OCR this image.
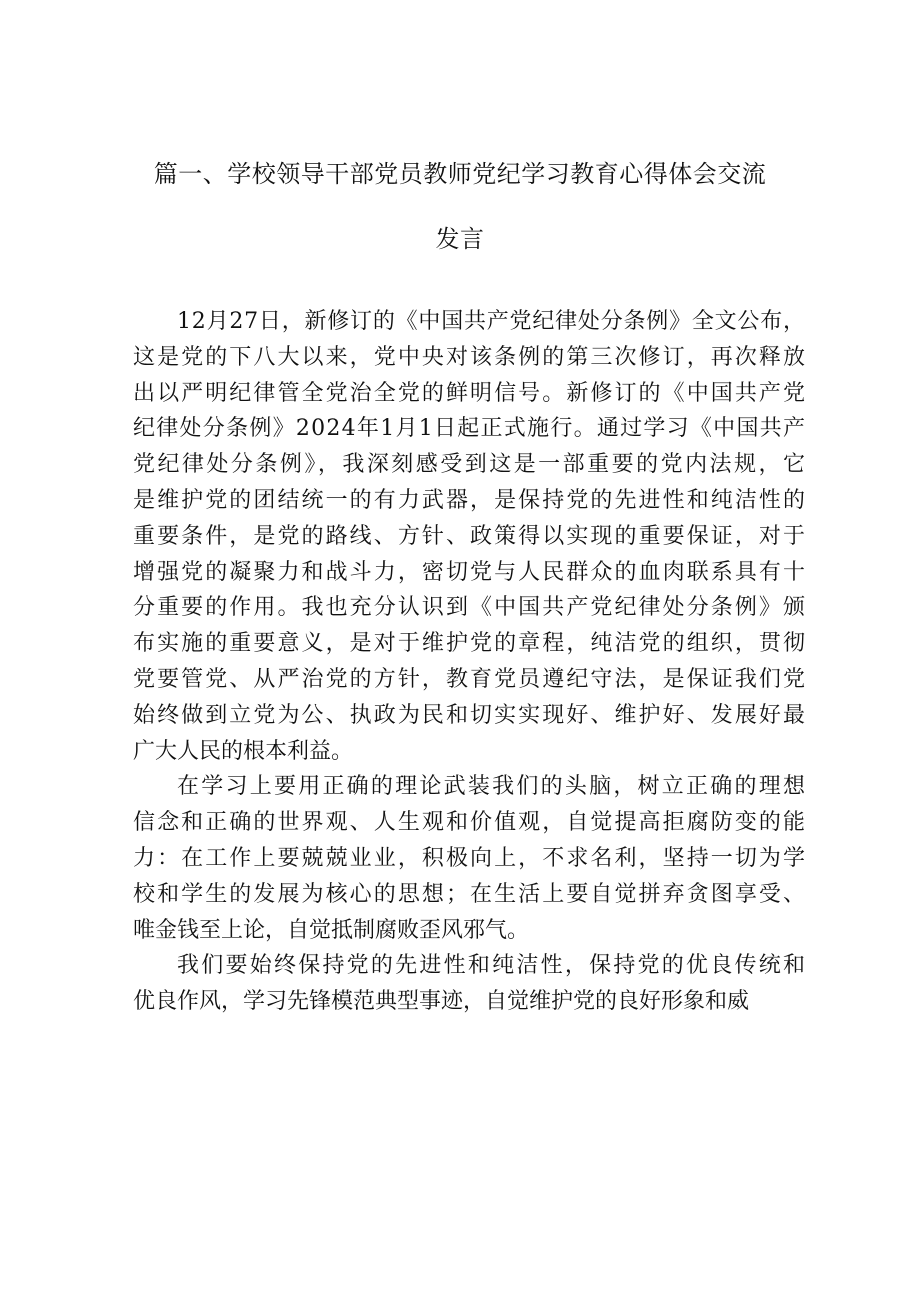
篇一、学校领导干部党员教师党纪学习教育心得体会交流
发言
12月27日，新修订的《中国共产党纪律处分条例》全文公布，
这是党的下八大以来，党中央对该条例的第三次修订，再次释放
出以严明纪律管全党治全党的鲜明信号。新修订的《中国共产党
纪律处分条例》2024年1月1日起正式施行。通过学习《中国共产
党纪律处分条例》，我深刻感受到这是一部重要的党内法规，它
是维护党的团结统一的有力武器，是保持党的先进性和纯洁性的
重要条件，是党的路线、方针、政策得以实现的重要保证，对于
增强党的凝聚力和战斗力，密切党与人民群众的血肉联系具有十
分重要的作用。我也充分认识到《中国共产党纪律处分条例》颁
布实施的重要意义，是对于维护党的章程，纯洁党的组织，贯彻
党要管党、从严治党的方针，教育党员遵纪守法，是保证我们党
始终做到立党为公、执政为民和切实实现好、维护好、发展好最
广大人民的根本利益。
在学习上要用正确的理论武装我们的头脑，树立正确的理想
信念和正确的世界观、人生观和价值观，自觉提高拒腐防变的能
力：在工作上要兢兢业业，积极向上，不求名利，坚持一切为学
校和学生的发展为核心的思想；在生活上要自觉拼弃贪图享受、
唯金钱至上论，自觉抵制腐败歪风邪气。
我们要始终保持党的先进性和纯洁性，保持党的优良传统和
优良作风，学习先锋模范典型事迹，自觉维护党的良好形象和威
